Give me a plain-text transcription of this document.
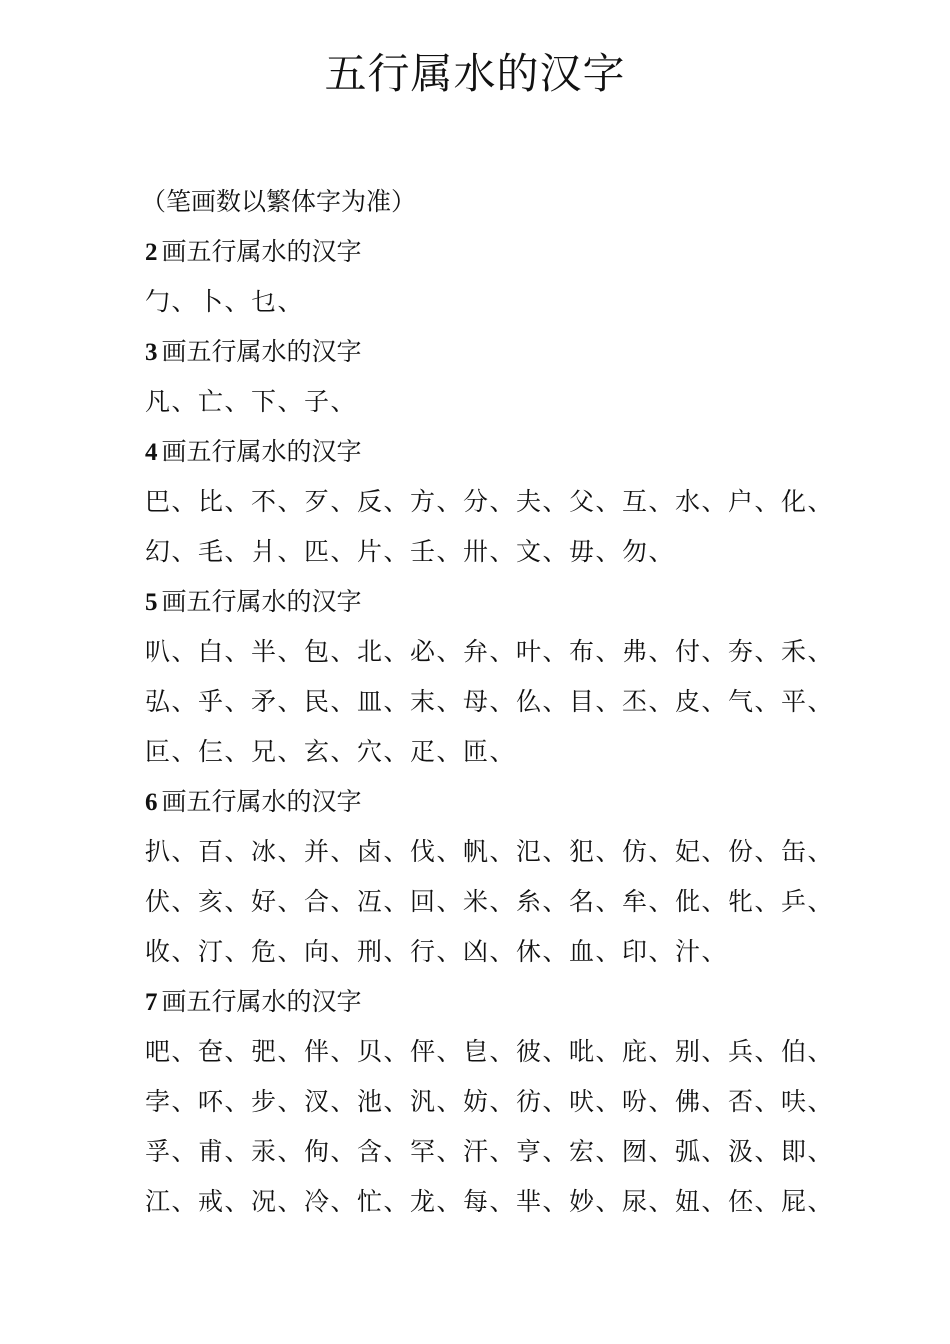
五行属水的汉字

（笔画数以繁体字为准）

2 画五行属水的汉字

勹、卜、乜、

3 画五行属水的汉字

凡、亡、下、子、

4 画五行属水的汉字

巴、比、不、歹、反、方、分、夫、父、互、水、户、化、

幻、毛、爿、匹、片、壬、卅、文、毋、勿、

5 画五行属水的汉字

叭、白、半、包、北、必、弁、叶、布、弗、付、夯、禾、

弘、乎、矛、民、皿、末、母、仫、目、丕、皮、气、平、

叵、仨、兄、玄、穴、疋、匝、

6 画五行属水的汉字

扒、百、冰、并、卤、伐、帆、氾、犯、仿、妃、份、缶、

伏、亥、好、合、冱、回、米、糸、名、牟、仳、牝、乒、

收、汀、危、向、刑、行、凶、休、血、印、汁、

7 画五行属水的汉字

吧、夿、弝、伴、贝、伻、皀、彼、吡、庇、别、兵、伯、

孛、吥、步、汊、池、汎、妨、彷、吠、吩、佛、否、呋、

孚、甫、汞、佝、含、罕、汗、亨、宏、囫、弧、汲、即、

江、戒、况、冷、忙、龙、每、芈、妙、尿、妞、伾、屁、
